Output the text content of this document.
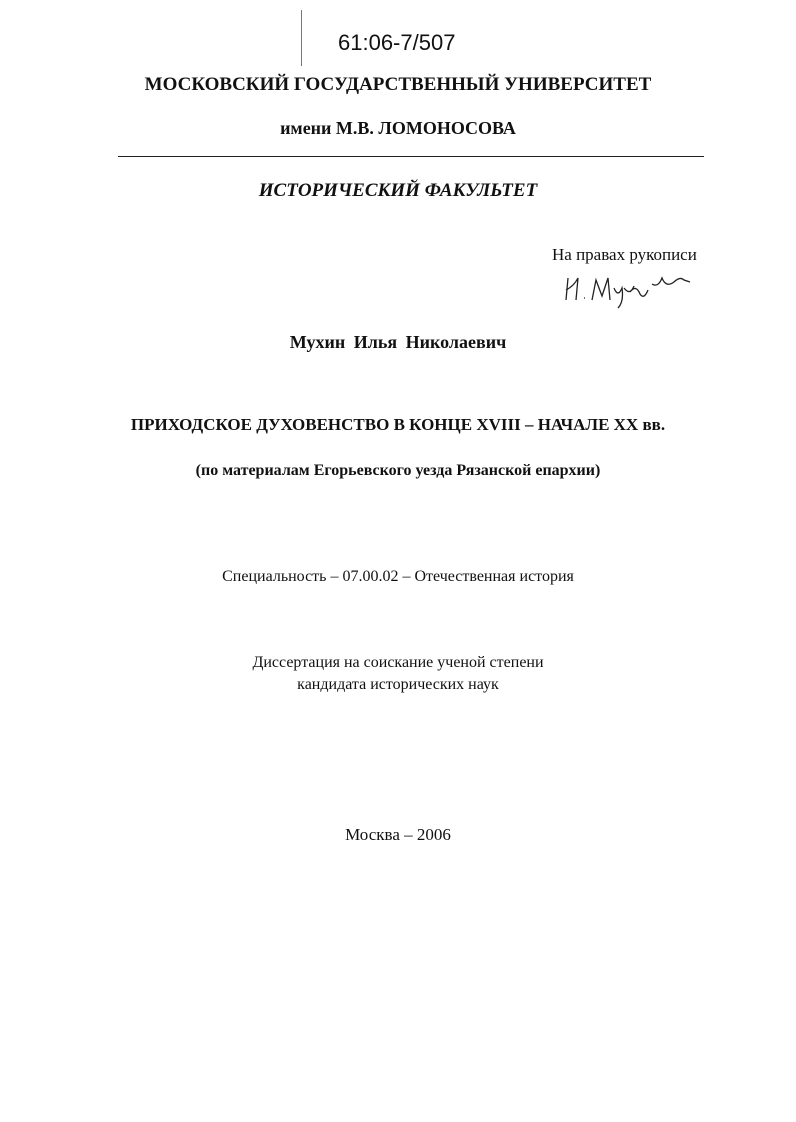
61:06-7/507
МОСКОВСКИЙ ГОСУДАРСТВЕННЫЙ УНИВЕРСИТЕТ
имени М.В. ЛОМОНОСОВА
ИСТОРИЧЕСКИЙ ФАКУЛЬТЕТ
На правах рукописи
Мухин Илья Николаевич
ПРИХОДСКОЕ ДУХОВЕНСТВО В КОНЦЕ XVIII – НАЧАЛЕ XX вв.
(по материалам Егорьевского уезда Рязанской епархии)
Специальность – 07.00.02 – Отечественная история
Диссертация на соискание ученой степени
кандидата исторических наук
Москва – 2006
